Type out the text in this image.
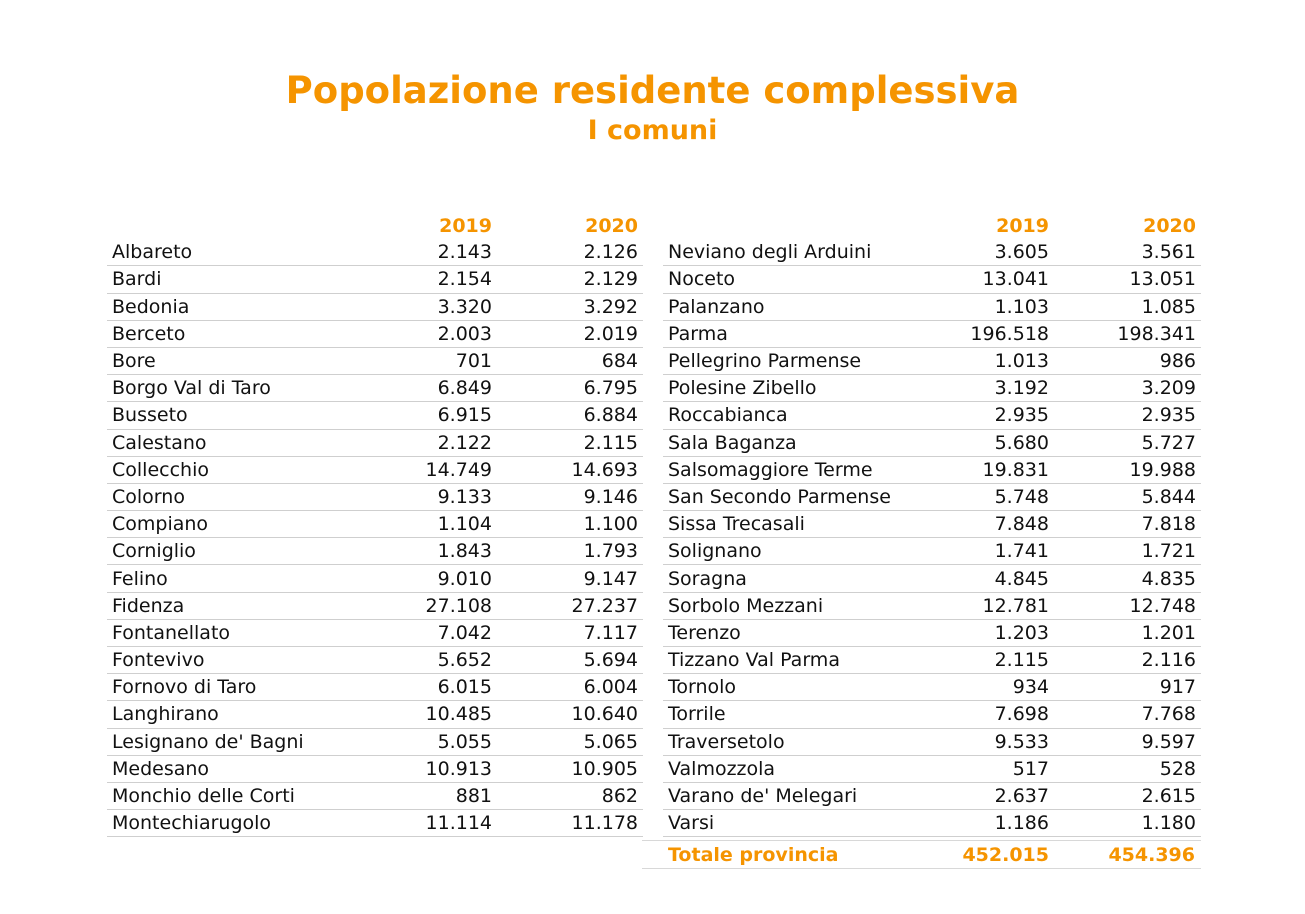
Popolazione residente complessiva
I comuni
	2019	2020
Albareto	2.143	2.126
Bardi	2.154	2.129
Bedonia	3.320	3.292
Berceto	2.003	2.019
Bore	701	684
Borgo Val di Taro	6.849	6.795
Busseto	6.915	6.884
Calestano	2.122	2.115
Collecchio	14.749	14.693
Colorno	9.133	9.146
Compiano	1.104	1.100
Corniglio	1.843	1.793
Felino	9.010	9.147
Fidenza	27.108	27.237
Fontanellato	7.042	7.117
Fontevivo	5.652	5.694
Fornovo di Taro	6.015	6.004
Langhirano	10.485	10.640
Lesignano de' Bagni	5.055	5.065
Medesano	10.913	10.905
Monchio delle Corti	881	862
Montechiarugolo	11.114	11.178
	2019	2020
Neviano degli Arduini	3.605	3.561
Noceto	13.041	13.051
Palanzano	1.103	1.085
Parma	196.518	198.341
Pellegrino Parmense	1.013	986
Polesine Zibello	3.192	3.209
Roccabianca	2.935	2.935
Sala Baganza	5.680	5.727
Salsomaggiore Terme	19.831	19.988
San Secondo Parmense	5.748	5.844
Sissa Trecasali	7.848	7.818
Solignano	1.741	1.721
Soragna	4.845	4.835
Sorbolo Mezzani	12.781	12.748
Terenzo	1.203	1.201
Tizzano Val Parma	2.115	2.116
Tornolo	934	917
Torrile	7.698	7.768
Traversetolo	9.533	9.597
Valmozzola	517	528
Varano de' Melegari	2.637	2.615
Varsi	1.186	1.180
Totale provincia	452.015	454.396
